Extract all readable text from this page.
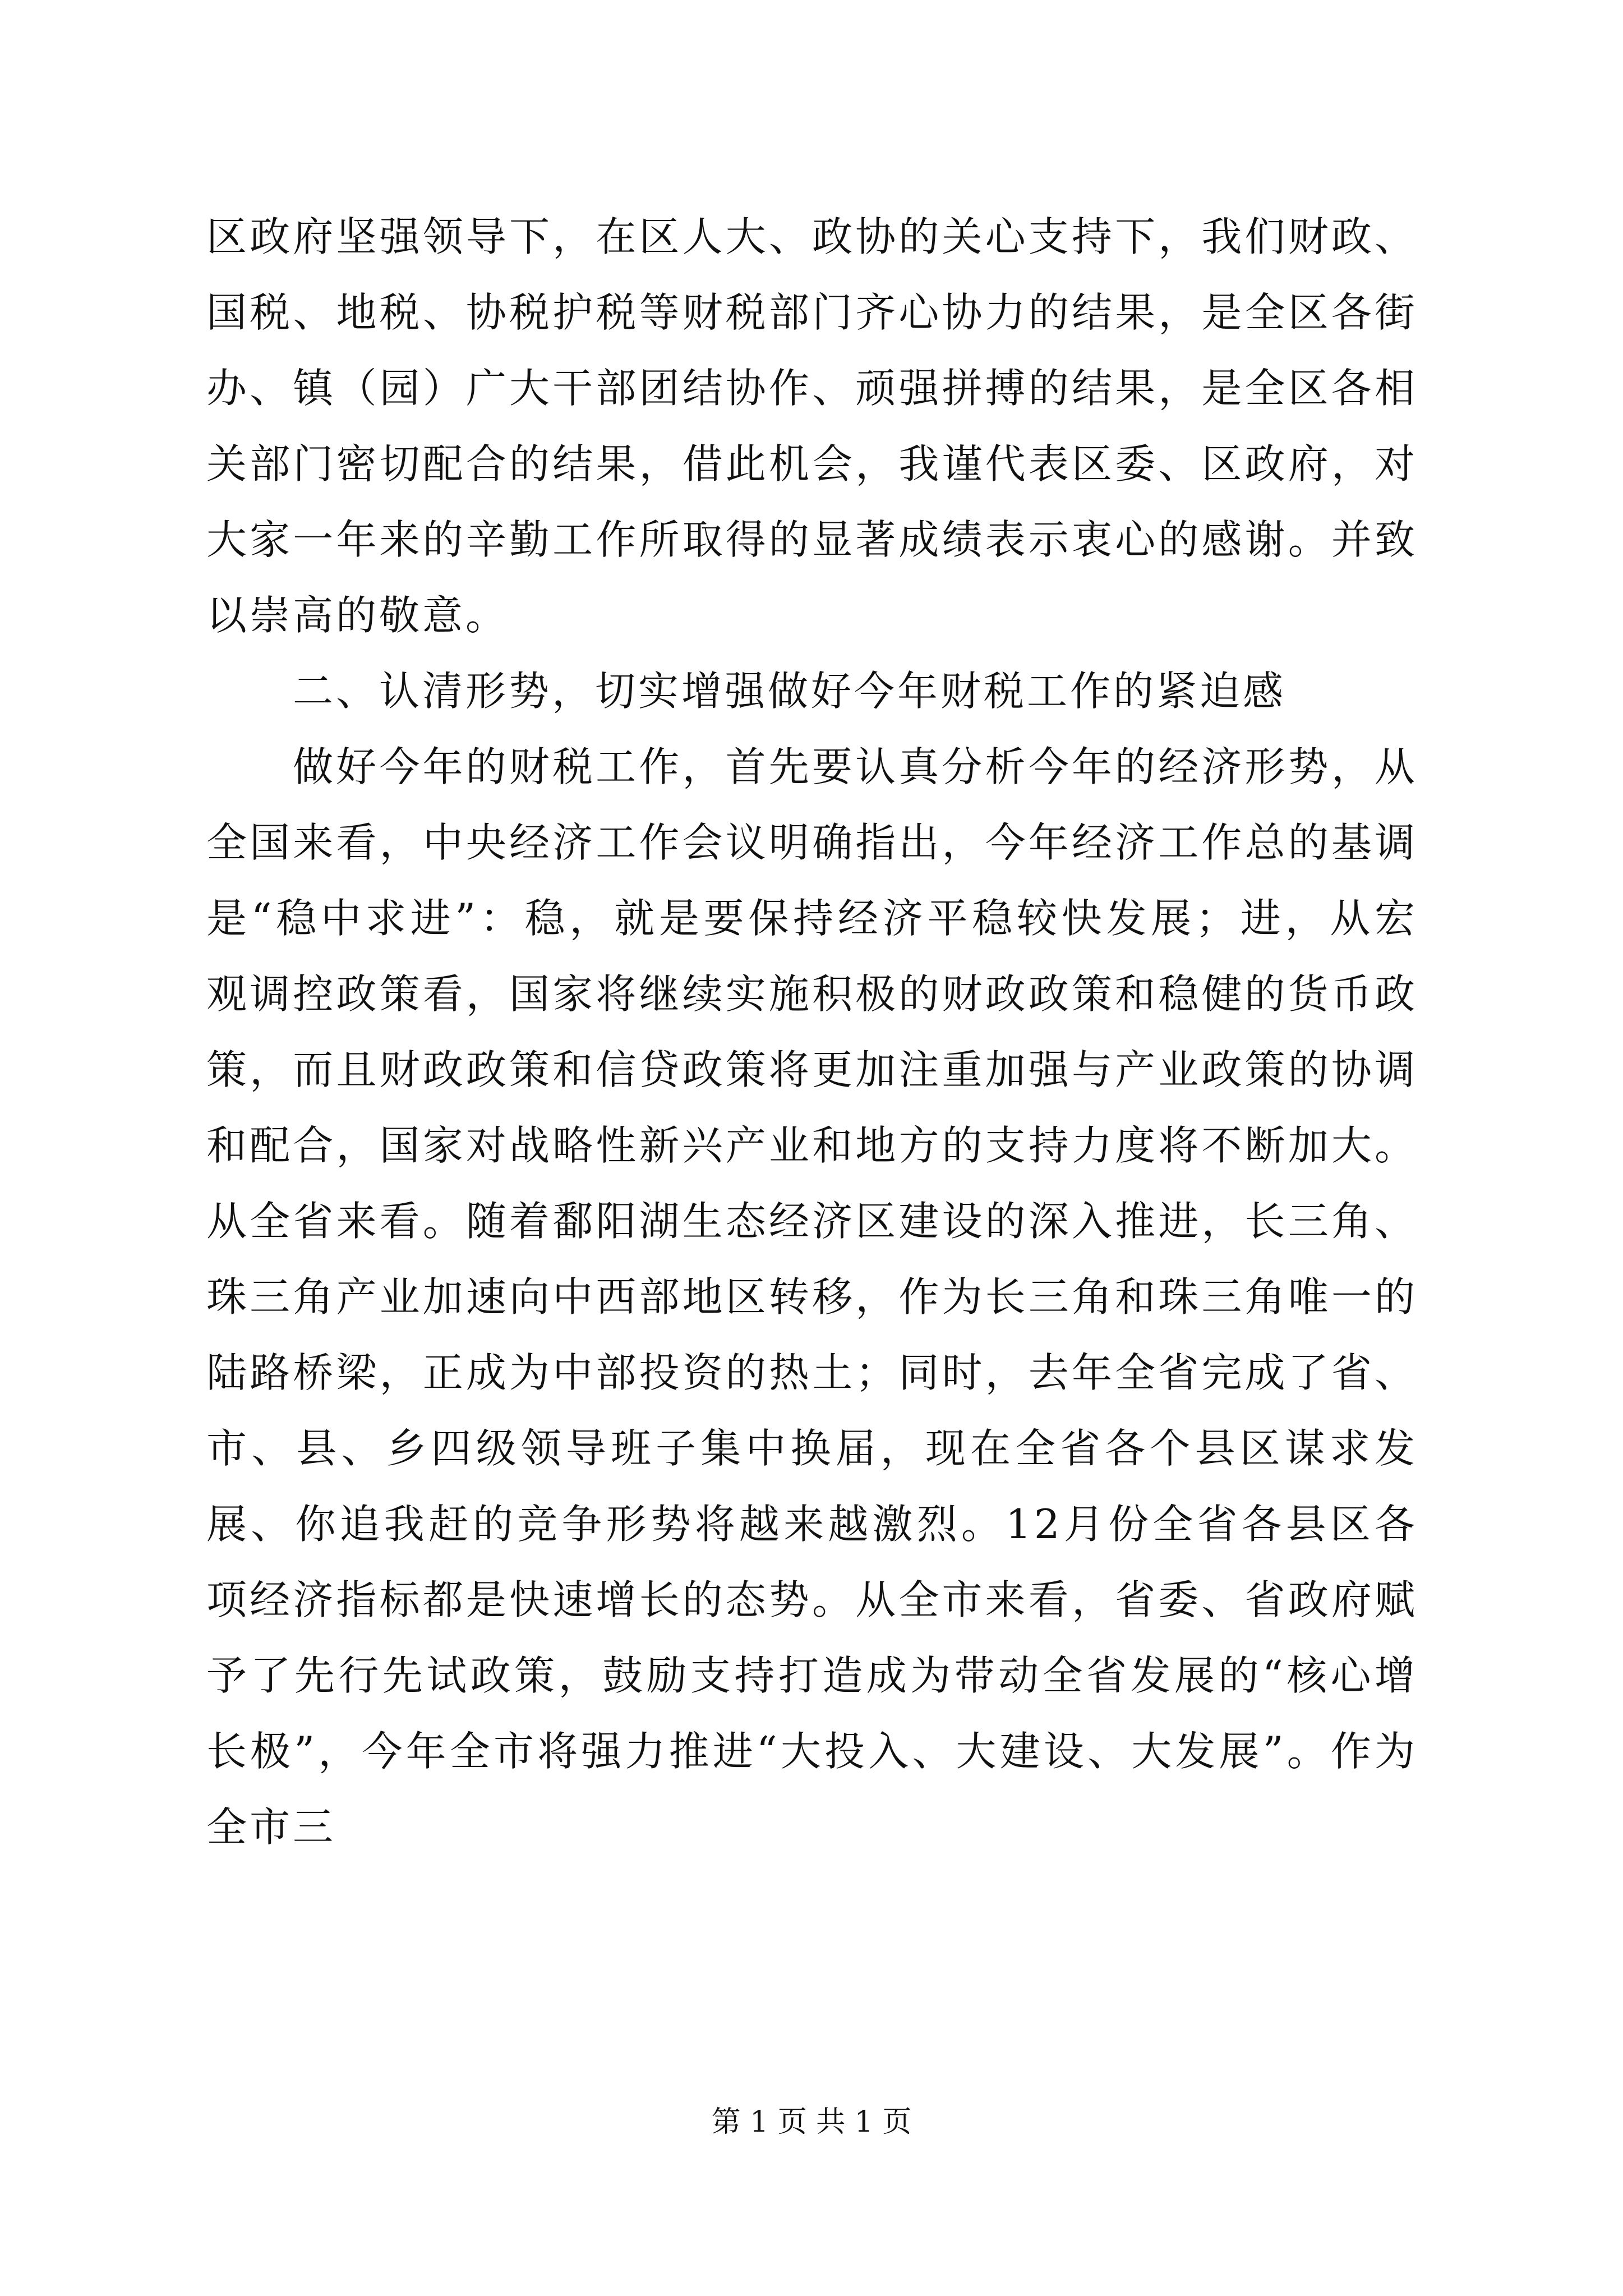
区政府坚强领导下，在区人大、政协的关心支持下，我们财政、国税、地税、协税护税等财税部门齐心协力的结果，是全区各街办、镇（园）广大干部团结协作、顽强拼搏的结果，是全区各相关部门密切配合的结果，借此机会，我谨代表区委、区政府，对大家一年来的辛勤工作所取得的显著成绩表示衷心的感谢。并致以崇高的敬意。

二、认清形势，切实增强做好今年财税工作的紧迫感

做好今年的财税工作，首先要认真分析今年的经济形势，从全国来看，中央经济工作会议明确指出，今年经济工作总的基调是“稳中求进”：稳，就是要保持经济平稳较快发展；进，从宏观调控政策看，国家将继续实施积极的财政政策和稳健的货币政策，而且财政政策和信贷政策将更加注重加强与产业政策的协调和配合，国家对战略性新兴产业和地方的支持力度将不断加大。从全省来看。随着鄱阳湖生态经济区建设的深入推进，长三角、珠三角产业加速向中西部地区转移，作为长三角和珠三角唯一的陆路桥梁，正成为中部投资的热土；同时，去年全省完成了省、市、县、乡四级领导班子集中换届，现在全省各个县区谋求发展、你追我赶的竞争形势将越来越激烈。12月份全省各县区各项经济指标都是快速增长的态势。从全市来看，省委、省政府赋予了先行先试政策，鼓励支持打造成为带动全省发展的“核心增长极”，今年全市将强力推进“大投入、大建设、大发展”。作为全市三

第 1 页 共 1 页
